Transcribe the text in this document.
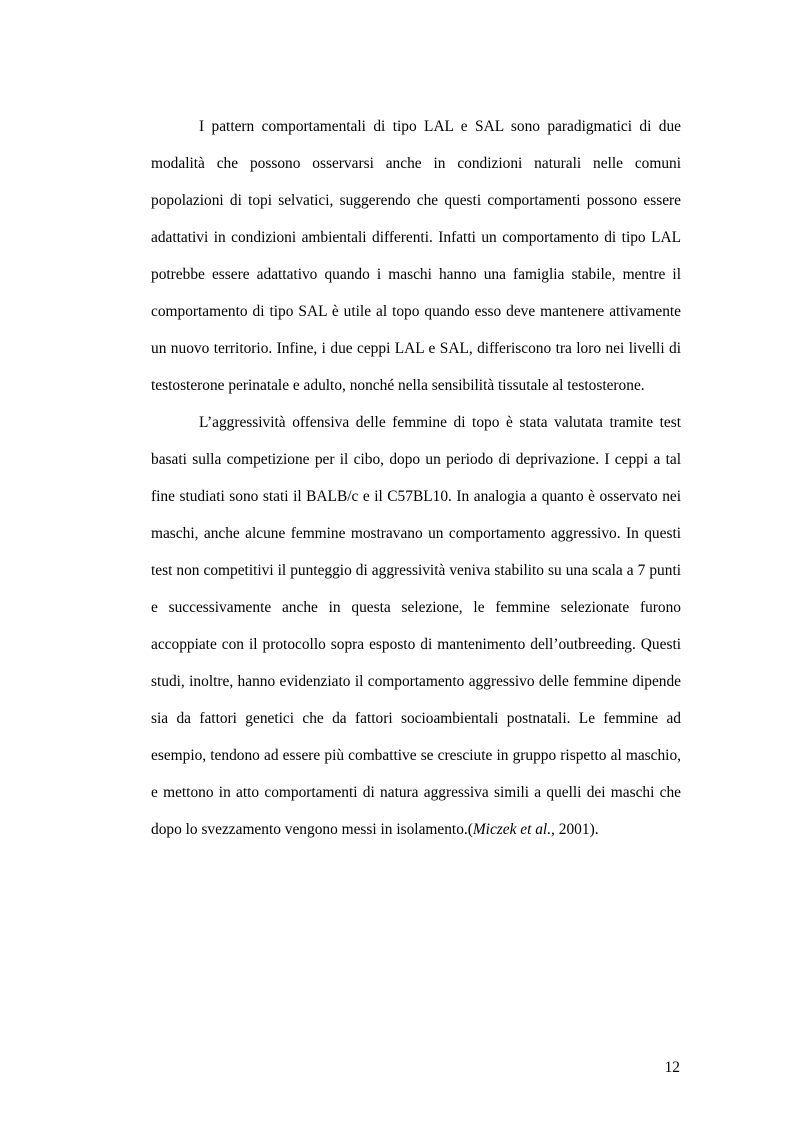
I pattern comportamentali di tipo LAL e SAL sono paradigmatici di due modalità che possono osservarsi anche in condizioni naturali nelle comuni popolazioni di topi selvatici, suggerendo che questi comportamenti possono essere adattativi in condizioni ambientali differenti. Infatti un comportamento di tipo LAL potrebbe essere adattativo quando i maschi hanno una famiglia stabile, mentre il comportamento di tipo SAL è utile al topo quando esso deve mantenere attivamente un nuovo territorio. Infine, i due ceppi LAL e SAL, differiscono tra loro nei livelli di testosterone perinatale e adulto, nonché nella sensibilità tissutale al testosterone.

L’aggressività offensiva delle femmine di topo è stata valutata tramite test basati sulla competizione per il cibo, dopo un periodo di deprivazione. I ceppi a tal fine studiati sono stati il BALB/c e il C57BL10. In analogia a quanto è osservato nei maschi, anche alcune femmine mostravano un comportamento aggressivo. In questi test non competitivi il punteggio di aggressività veniva stabilito su una scala a 7 punti e successivamente anche in questa selezione, le femmine selezionate furono accoppiate con il protocollo sopra esposto di mantenimento dell’outbreeding. Questi studi, inoltre, hanno evidenziato il comportamento aggressivo delle femmine dipende sia da fattori genetici che da fattori socioambientali postnatali. Le femmine ad esempio, tendono ad essere più combattive se cresciute in gruppo rispetto al maschio, e mettono in atto comportamenti di natura aggressiva simili a quelli dei maschi che dopo lo svezzamento vengono messi in isolamento.(Miczek et al., 2001).

12
